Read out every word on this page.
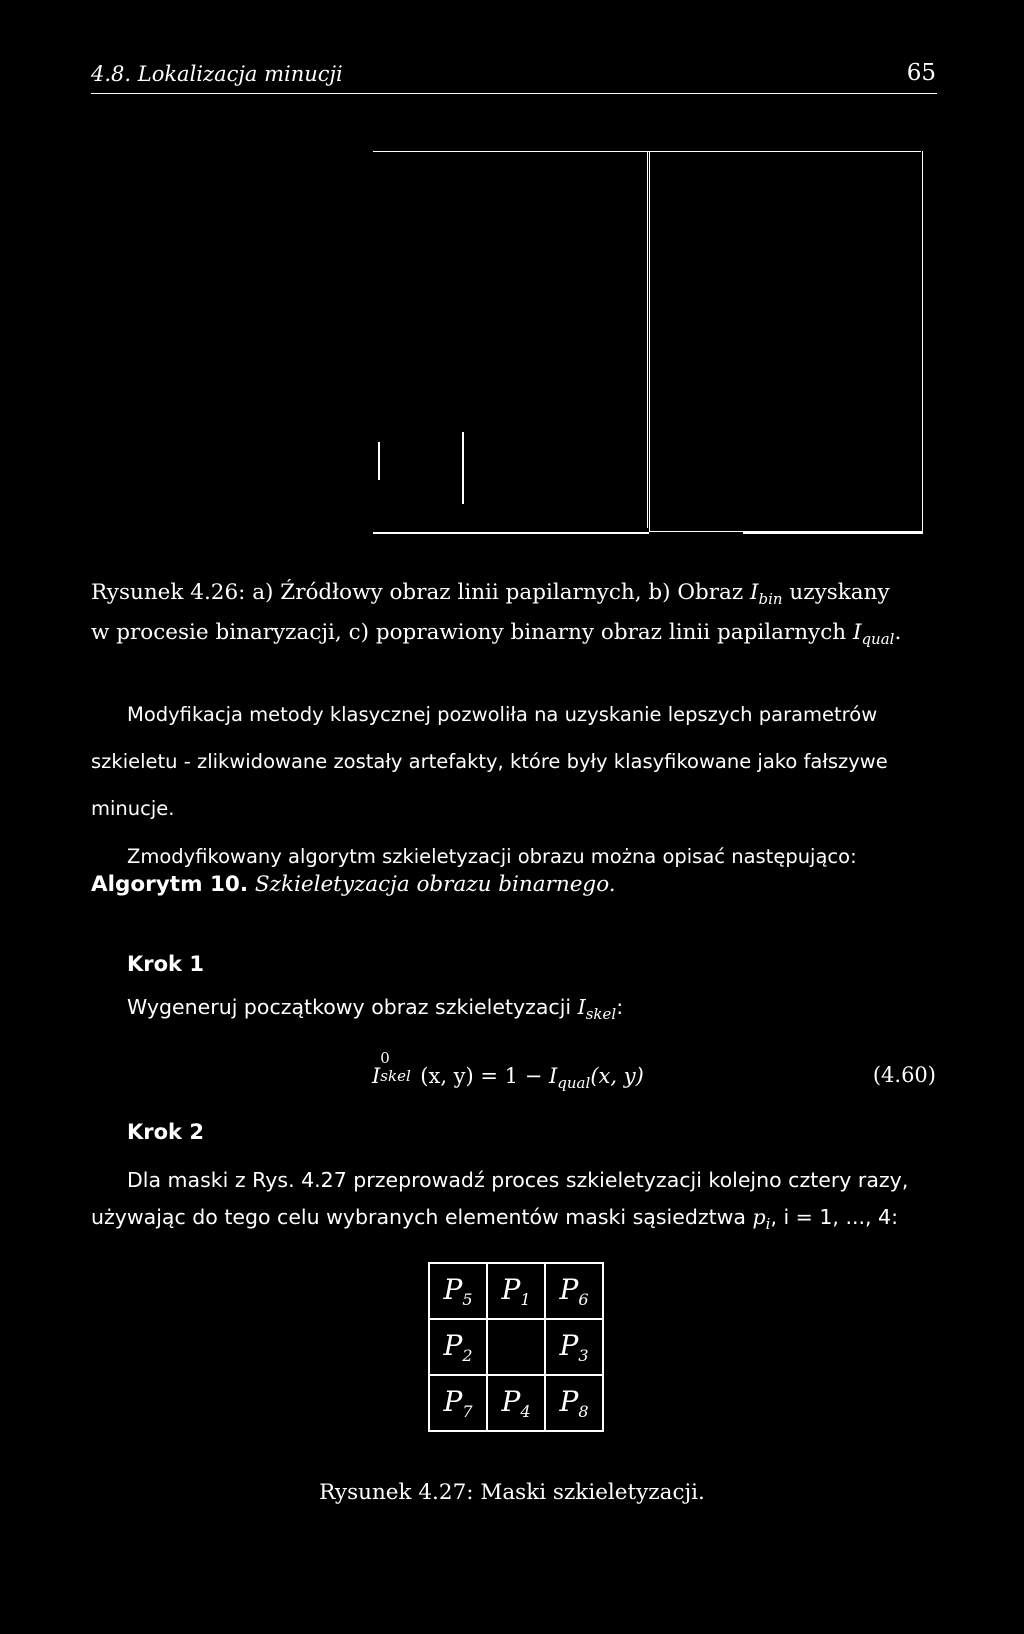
4.8. Lokalizacja minucji	65
Rysunek 4.26: a) Źródłowy obraz linii papilarnych, b) Obraz $I_{bin}$ uzyskany
w procesie binaryzacji, c) poprawiony binarny obraz linii papilarnych $I_{qual}$.
Modyfikacja metody klasycznej pozwoliła na uzyskanie lepszych parametrów
szkieletu - zlikwidowane zostały artefakty, które były klasyfikowane jako fałszywe
minucje.
Zmodyfikowany algorytm szkieletyzacji obrazu można opisać następująco:
Algorytm 10. Szkieletyzacja obrazu binarnego.
Krok 1
Wygeneruj początkowy obraz szkieletyzacji $I_{skel}$:
I
0
skel (x, $y) = 1 - I_{qual}(x$, y)	(4.60)
Krok 2
Dla maski z Rys. 4.27 przeprowadź proces szkieletyzacji kolejno cztery razy,
używając do tego celu wybranych elementów maski sąsiedztwa $p_i$, i = 1, ..., 4:
$P_5$	$P_1$	$P_6$
$P_2$		$P_3$
$P_7$	$P_4$	$P_8$
Rysunek 4.27: Maski szkieletyzacji.
